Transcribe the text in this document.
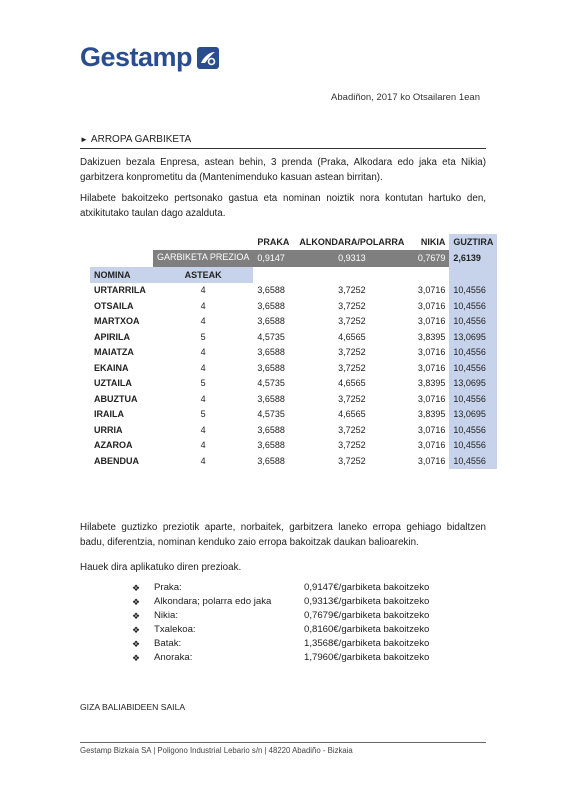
Gestamp
Abadiñon, 2017 ko Otsailaren 1ean
► ARROPA GARBIKETA
Dakizuen bezala Enpresa, astean behin, 3 prenda (Praka, Alkodara edo jaka eta Nikia) garbitzera konprometitu da (Mantenimenduko kasuan astean birritan).
Hilabete bakoitzeko pertsonako gastua eta nominan noiztik nora kontutan hartuko den, atxikitutako taulan dago azalduta.
		PRAKA	ALKONDARA/POLARRA	NIKIA	GUZTIRA
	GARBIKETA PREZIOA	0,9147	0,9313	0,7679	2,6139
NOMINA	ASTEAK				
URTARRILA	4	3,6588	3,7252	3,0716	10,4556
OTSAILA	4	3,6588	3,7252	3,0716	10,4556
MARTXOA	4	3,6588	3,7252	3,0716	10,4556
APIRILA	5	4,5735	4,6565	3,8395	13,0695
MAIATZA	4	3,6588	3,7252	3,0716	10,4556
EKAINA	4	3,6588	3,7252	3,0716	10,4556
UZTAILA	5	4,5735	4,6565	3,8395	13,0695
ABUZTUA	4	3,6588	3,7252	3,0716	10,4556
IRAILA	5	4,5735	4,6565	3,8395	13,0695
URRIA	4	3,6588	3,7252	3,0716	10,4556
AZAROA	4	3,6588	3,7252	3,0716	10,4556
ABENDUA	4	3,6588	3,7252	3,0716	10,4556
Hilabete guztizko preziotik aparte, norbaitek, garbitzera laneko erropa gehiago bidaltzen badu, diferentzia, nominan kenduko zaio erropa bakoitzak daukan balioarekin.
Hauek dira aplikatuko diren prezioak.
❖	Praka:	0,9147€/garbiketa bakoitzeko
❖	Alkondara; polarra edo jaka	0,9313€/garbiketa bakoitzeko
❖	Nikia:	0,7679€/garbiketa bakoitzeko
❖	Txalekoa:	0,8160€/garbiketa bakoitzeko
❖	Batak:	1,3568€/garbiketa bakoitzeko
❖	Anoraka:	1,7960€/garbiketa bakoitzeko
GIZA BALIABIDEEN SAILA
Gestamp Bizkaia SA | Poligono Industrial Lebario s/n | 48220 Abadiño - Bizkaia
